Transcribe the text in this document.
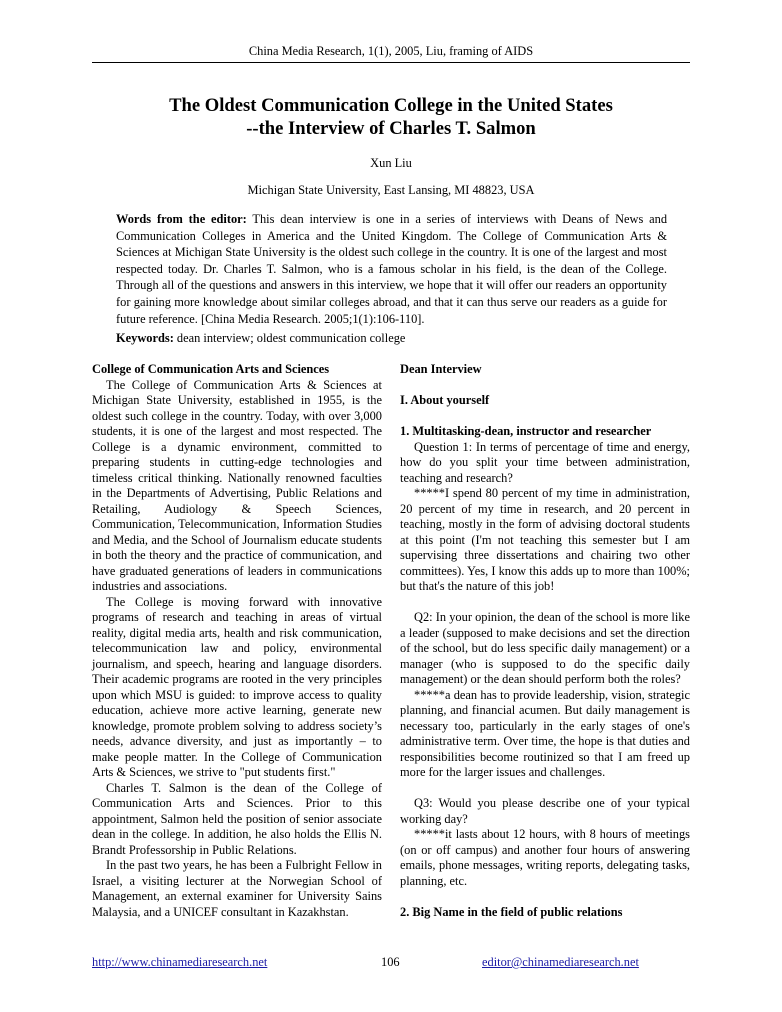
China Media Research, 1(1), 2005, Liu, framing of AIDS
The Oldest Communication College in the United States
--the Interview of Charles T. Salmon
Xun Liu
Michigan State University, East Lansing, MI 48823, USA
Words from the editor: This dean interview is one in a series of interviews with Deans of News and Communication Colleges in America and the United Kingdom. The College of Communication Arts & Sciences at Michigan State University is the oldest such college in the country. It is one of the largest and most respected today. Dr. Charles T. Salmon, who is a famous scholar in his field, is the dean of the College. Through all of the questions and answers in this interview, we hope that it will offer our readers an opportunity for gaining more knowledge about similar colleges abroad, and that it can thus serve our readers as a guide for future reference. [China Media Research. 2005;1(1):106-110].
Keywords: dean interview; oldest communication college

College of Communication Arts and Sciences

The College of Communication Arts & Sciences at Michigan State University, established in 1955, is the oldest such college in the country. Today, with over 3,000 students, it is one of the largest and most respected. The College is a dynamic environment, committed to preparing students in cutting-edge technologies and timeless critical thinking. Nationally renowned faculties in the Departments of Advertising, Public Relations and Retailing, Audiology & Speech Sciences, Communication, Telecommunication, Information Studies and Media, and the School of Journalism educate students in both the theory and the practice of communication, and have graduated generations of leaders in communications industries and associations.

The College is moving forward with innovative programs of research and teaching in areas of virtual reality, digital media arts, health and risk communication, telecommunication law and policy, environmental journalism, and speech, hearing and language disorders. Their academic programs are rooted in the very principles upon which MSU is guided: to improve access to quality education, achieve more active learning, generate new knowledge, promote problem solving to address society’s needs, advance diversity, and just as importantly – to make people matter. In the College of Communication Arts & Sciences, we strive to "put students first."

Charles T. Salmon is the dean of the College of Communication Arts and Sciences. Prior to this appointment, Salmon held the position of senior associate dean in the college. In addition, he also holds the Ellis N. Brandt Professorship in Public Relations.

In the past two years, he has been a Fulbright Fellow in Israel, a visiting lecturer at the Norwegian School of Management, an external examiner for University Sains Malaysia, and a UNICEF consultant in Kazakhstan.

Dean Interview

I. About yourself

1. Multitasking-dean, instructor and researcher

Question 1: In terms of percentage of time and energy, how do you split your time between administration, teaching and research?

*****I spend 80 percent of my time in administration, 20 percent of my time in research, and 20 percent in teaching, mostly in the form of advising doctoral students at this point (I'm not teaching this semester but I am supervising three dissertations and chairing two other committees). Yes, I know this adds up to more than 100%; but that's the nature of this job!

Q2: In your opinion, the dean of the school is more like a leader (supposed to make decisions and set the direction of the school, but do less specific daily management) or a manager (who is supposed to do the specific daily management) or the dean should perform both the roles?

*****a dean has to provide leadership, vision, strategic planning, and financial acumen. But daily management is necessary too, particularly in the early stages of one's administrative term. Over time, the hope is that duties and responsibilities become routinized so that I am freed up more for the larger issues and challenges.

Q3: Would you please describe one of your typical working day?

*****it lasts about 12 hours, with 8 hours of meetings (on or off campus) and another four hours of answering emails, phone messages, writing reports, delegating tasks, planning, etc.

2. Big Name in the field of public relations

http://www.chinamediaresearch.net	106	editor@chinamediaresearch.net
